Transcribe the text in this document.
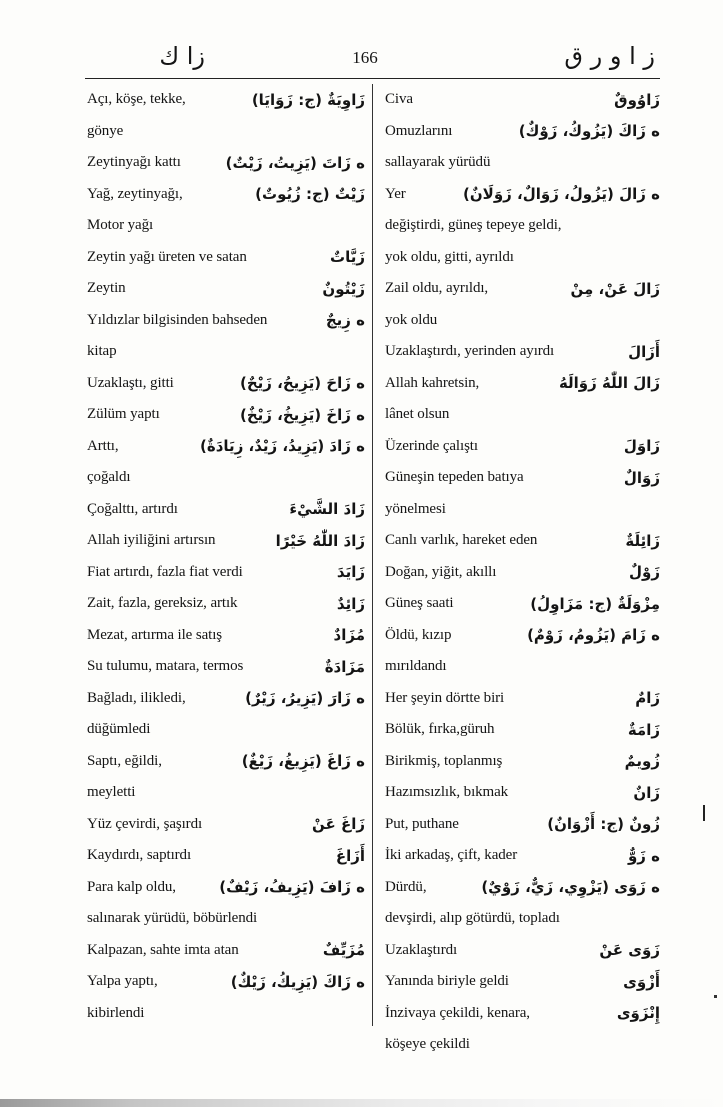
زا ك	166	ز ا و ر ق
Açı, köşe, tekke,	زَاوِيَةٌ (ج: زَوَايَا)
gönye
Zeytinyağı kattı	ه زَاتَ (يَزِيتُ، زَيْتٌ)
Yağ, zeytinyağı,	زَيْتٌ (ج: زُيُوتٌ)
Motor yağı
Zeytin yağı üreten ve satan	زَيَّاتٌ
Zeytin	زَيْتُونٌ
Yıldızlar bilgisinden bahseden	ه زِيجٌ
kitap
Uzaklaştı, gitti	ه زَاحَ (يَزِيحُ، زَيْحٌ)
Zülüm yaptı	ه زَاخَ (يَزِيخُ، زَيْخٌ)
Arttı,	ه زَادَ (يَزِيدُ، زَيْدٌ، زِيَادَةٌ)
çoğaldı
Çoğalttı, artırdı	زَادَ الشَّيْءَ
Allah iyiliğini artırsın	زَادَ اللّٰهُ خَيْرًا
Fiat artırdı, fazla fiat verdi	زَايَدَ
Zait, fazla, gereksiz, artık	زَائِدٌ
Mezat, artırma ile satış	مُزَادٌ
Su tulumu, matara, termos	مَزَادَةٌ
Bağladı, ilikledi,	ه زَارَ (يَزِيرُ، زَيْرٌ)
düğümledi
Saptı, eğildi,	ه زَاغَ (يَزِيغُ، زَيْغٌ)
meyletti
Yüz çevirdi, şaşırdı	زَاغَ عَنْ
Kaydırdı, saptırdı	أَزَاغَ
Para kalp oldu,	ه زَافَ (يَزِيفُ، زَيْفٌ)
salınarak yürüdü, böbürlendi
Kalpazan, sahte imta atan	مُزَيِّفٌ
Yalpa yaptı,	ه زَاكَ (يَزِيكُ، زَيْكٌ)
kibirlendi
Civa	زَاوُوقٌ
Omuzlarını	ه زَاكَ (يَزُوكُ، زَوْكٌ)
sallayarak yürüdü
Yer	ه زَالَ (يَزُولُ، زَوَالٌ، زَوَلَانٌ)
değiştirdi, güneş tepeye geldi,
yok oldu, gitti, ayrıldı
Zail oldu, ayrıldı,	زَالَ عَنْ، مِنْ
yok oldu
Uzaklaştırdı, yerinden ayırdı	أَزَالَ
Allah kahretsin,	زَالَ اللّٰهُ زَوَالَهُ
lânet olsun
Üzerinde çalıştı	زَاوَلَ
Güneşin tepeden batıya	زَوَالٌ
yönelmesi
Canlı varlık, hareket eden	زَائِلَةٌ
Doğan, yiğit, akıllı	زَوْلٌ
Güneş saati	مِزْوَلَةٌ (ج: مَزَاوِلُ)
Öldü, kızıp	ه زَامَ (يَزُومُ، زَوْمٌ)
mırıldandı
Her şeyin dörtte biri	زَامٌ
Bölük, fırka,güruh	زَامَةٌ
Birikmiş, toplanmış	زُويمٌ
Hazımsızlık, bıkmak	زَانٌ
Put, puthane	زُونٌ (ج: أَزْوَانٌ)
İki arkadaş, çift, kader	ه زَوٌّ
Dürdü,	ه زَوَى (يَزْوِي، زَيٌّ، زَوْيٌ)
devşirdi, alıp götürdü, topladı
Uzaklaştırdı	زَوَى عَنْ
Yanında biriyle geldi	أَزْوَى
İnzivaya çekildi, kenara,	إِنْزَوَى
köşeye çekildi
